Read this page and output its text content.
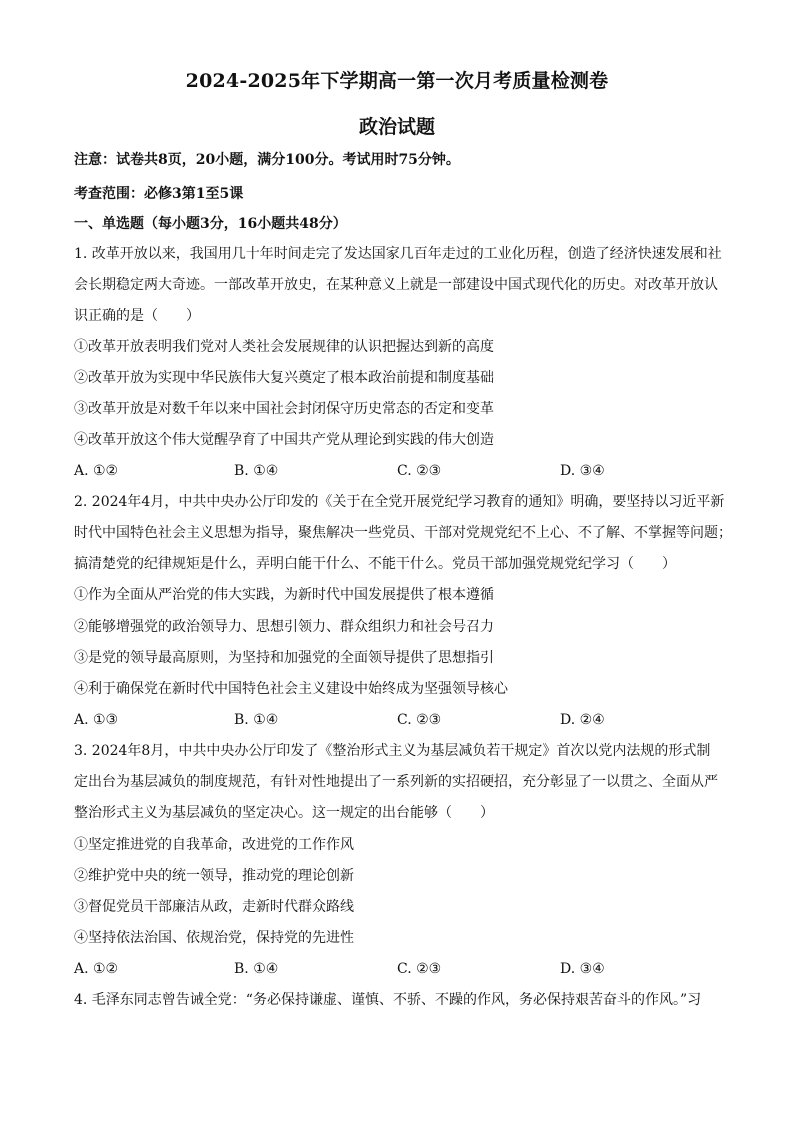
2024-2025年下学期高一第一次月考质量检测卷
政治试题
注意：试卷共8页，20小题，满分100分。考试用时75分钟。
考查范围：必修3第1至5课
一、单选题（每小题3分，16小题共48分）
1. 改革开放以来，我国用几十年时间走完了发达国家几百年走过的工业化历程，创造了经济快速发展和社
会长期稳定两大奇迹。一部改革开放史，在某种意义上就是一部建设中国式现代化的历史。对改革开放认
识正确的是（　　）
①改革开放表明我们党对人类社会发展规律的认识把握达到新的高度
②改革开放为实现中华民族伟大复兴奠定了根本政治前提和制度基础
③改革开放是对数千年以来中国社会封闭保守历史常态的否定和变革
④改革开放这个伟大觉醒孕育了中国共产党从理论到实践的伟大创造
A. ①②	B. ①④	C. ②③	D. ③④
2. 2024年4月，中共中央办公厅印发的《关于在全党开展党纪学习教育的通知》明确，要坚持以习近平新
时代中国特色社会主义思想为指导，聚焦解决一些党员、干部对党规党纪不上心、不了解、不掌握等问题；
搞清楚党的纪律规矩是什么，弄明白能干什么、不能干什么。党员干部加强党规党纪学习（　　）
①作为全面从严治党的伟大实践，为新时代中国发展提供了根本遵循
②能够增强党的政治领导力、思想引领力、群众组织力和社会号召力
③是党的领导最高原则，为坚持和加强党的全面领导提供了思想指引
④利于确保党在新时代中国特色社会主义建设中始终成为坚强领导核心
A. ①③	B. ①④	C. ②③	D. ②④
3. 2024年8月，中共中央办公厅印发了《整治形式主义为基层减负若干规定》首次以党内法规的形式制
定出台为基层减负的制度规范，有针对性地提出了一系列新的实招硬招，充分彰显了一以贯之、全面从严
整治形式主义为基层减负的坚定决心。这一规定的出台能够（　　）
①坚定推进党的自我革命，改进党的工作作风
②维护党中央的统一领导，推动党的理论创新
③督促党员干部廉洁从政，走新时代群众路线
④坚持依法治国、依规治党，保持党的先进性
A. ①②	B. ①④	C. ②③	D. ③④
4. 毛泽东同志曾告诫全党：“务必保持谦虚、谨慎、不骄、不躁的作风，务必保持艰苦奋斗的作风。”习
